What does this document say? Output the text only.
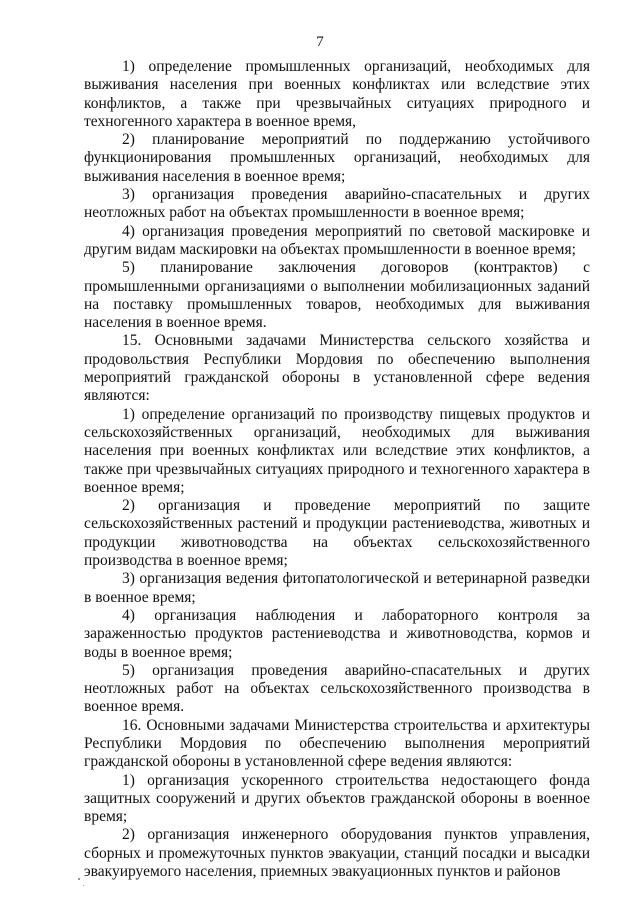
7

1) определение промышленных организаций, необходимых для выживания населения при военных конфликтах или вследствие этих конфликтов, а также при чрезвычайных ситуациях природного и техногенного характера в военное время,

2) планирование мероприятий по поддержанию устойчивого функционирования промышленных организаций, необходимых для выживания населения в военное время;

3) организация проведения аварийно-спасательных и других неотложных работ на объектах промышленности в военное время;

4) организация проведения мероприятий по световой маскировке и другим видам маскировки на объектах промышленности в военное время;

5) планирование заключения договоров (контрактов) с промышленными организациями о выполнении мобилизационных заданий на поставку промышленных товаров, необходимых для выживания населения в военное время.

15. Основными задачами Министерства сельского хозяйства и продовольствия Республики Мордовия по обеспечению выполнения мероприятий гражданской обороны в установленной сфере ведения являются:

1) определение организаций по производству пищевых продуктов и сельскохозяйственных организаций, необходимых для выживания населения при военных конфликтах или вследствие этих конфликтов, а также при чрезвычайных ситуациях природного и техногенного характера в военное время;

2) организация и проведение мероприятий по защите сельскохозяйственных растений и продукции растениеводства, животных и продукции животноводства на объектах сельскохозяйственного производства в военное время;

3) организация ведения фитопатологической и ветеринарной разведки в военное время;

4) организация наблюдения и лабораторного контроля за зараженностью продуктов растениеводства и животноводства, кормов и воды в военное время;

5) организация проведения аварийно-спасательных и других неотложных работ на объектах сельскохозяйственного производства в военное время.

16. Основными задачами Министерства строительства и архитектуры Республики Мордовия по обеспечению выполнения мероприятий гражданской обороны в установленной сфере ведения являются:

1) организация ускоренного строительства недостающего фонда защитных сооружений и других объектов гражданской обороны в военное время;

2) организация инженерного оборудования пунктов управления, сборных и промежуточных пунктов эвакуации, станций посадки и высадки эвакуируемого населения, приемных эвакуационных пунктов и районов
